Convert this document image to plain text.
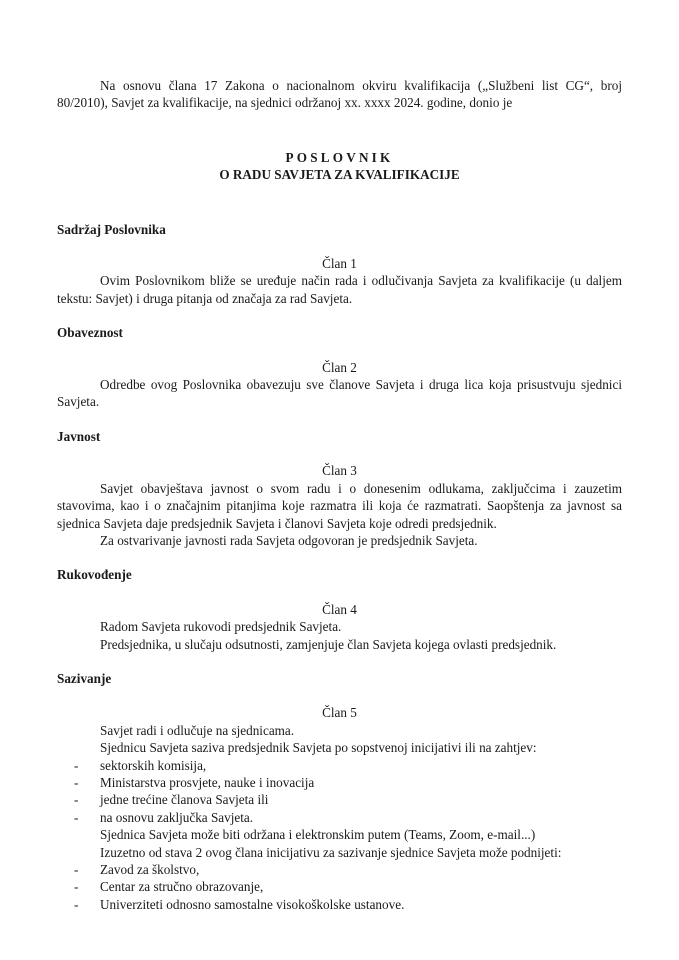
Na osnovu člana 17 Zakona o nacionalnom okviru kvalifikacija („Službeni list CG“, broj 80/2010), Savjet za kvalifikacije, na sjednici održanoj xx. xxxx 2024. godine, donio je

POSLOVNIK

O RADU SAVJETA ZA KVALIFIKACIJE

Sadržaj Poslovnika

Član 1

Ovim Poslovnikom bliže se uređuje način rada i odlučivanja Savjeta za kvalifikacije (u daljem tekstu: Savjet) i druga pitanja od značaja za rad Savjeta.

Obaveznost

Član 2

Odredbe ovog Poslovnika obavezuju sve članove Savjeta i druga lica koja prisustvuju sjednici Savjeta.

Javnost

Član 3

Savjet obavještava javnost o svom radu i o donesenim odlukama, zaključcima i zauzetim stavovima, kao i o značajnim pitanjima koje razmatra ili koja će razmatrati. Saopštenja za javnost sa sjednica Savjeta daje predsjednik Savjeta i članovi Savjeta koje odredi predsjednik.

Za ostvarivanje javnosti rada Savjeta odgovoran je predsjednik Savjeta.

Rukovođenje

Član 4

Radom Savjeta rukovodi predsjednik Savjeta.

Predsjednika, u slučaju odsutnosti, zamjenjuje član Savjeta kojega ovlasti predsjednik.

Sazivanje

Član 5

Savjet radi i odlučuje na sjednicama.

Sjednicu Savjeta saziva predsjednik Savjeta po sopstvenoj inicijativi ili na zahtjev:

- sektorskih komisija,
- Ministarstva prosvjete, nauke i inovacija
- jedne trećine članova Savjeta ili
- na osnovu zaključka Savjeta.

Sjednica Savjeta može biti održana i elektronskim putem (Teams, Zoom, e-mail...)

Izuzetno od stava 2 ovog člana inicijativu za sazivanje sjednice Savjeta može podnijeti:

- Zavod za školstvo,
- Centar za stručno obrazovanje,
- Univerziteti odnosno samostalne visokoškolske ustanove.
